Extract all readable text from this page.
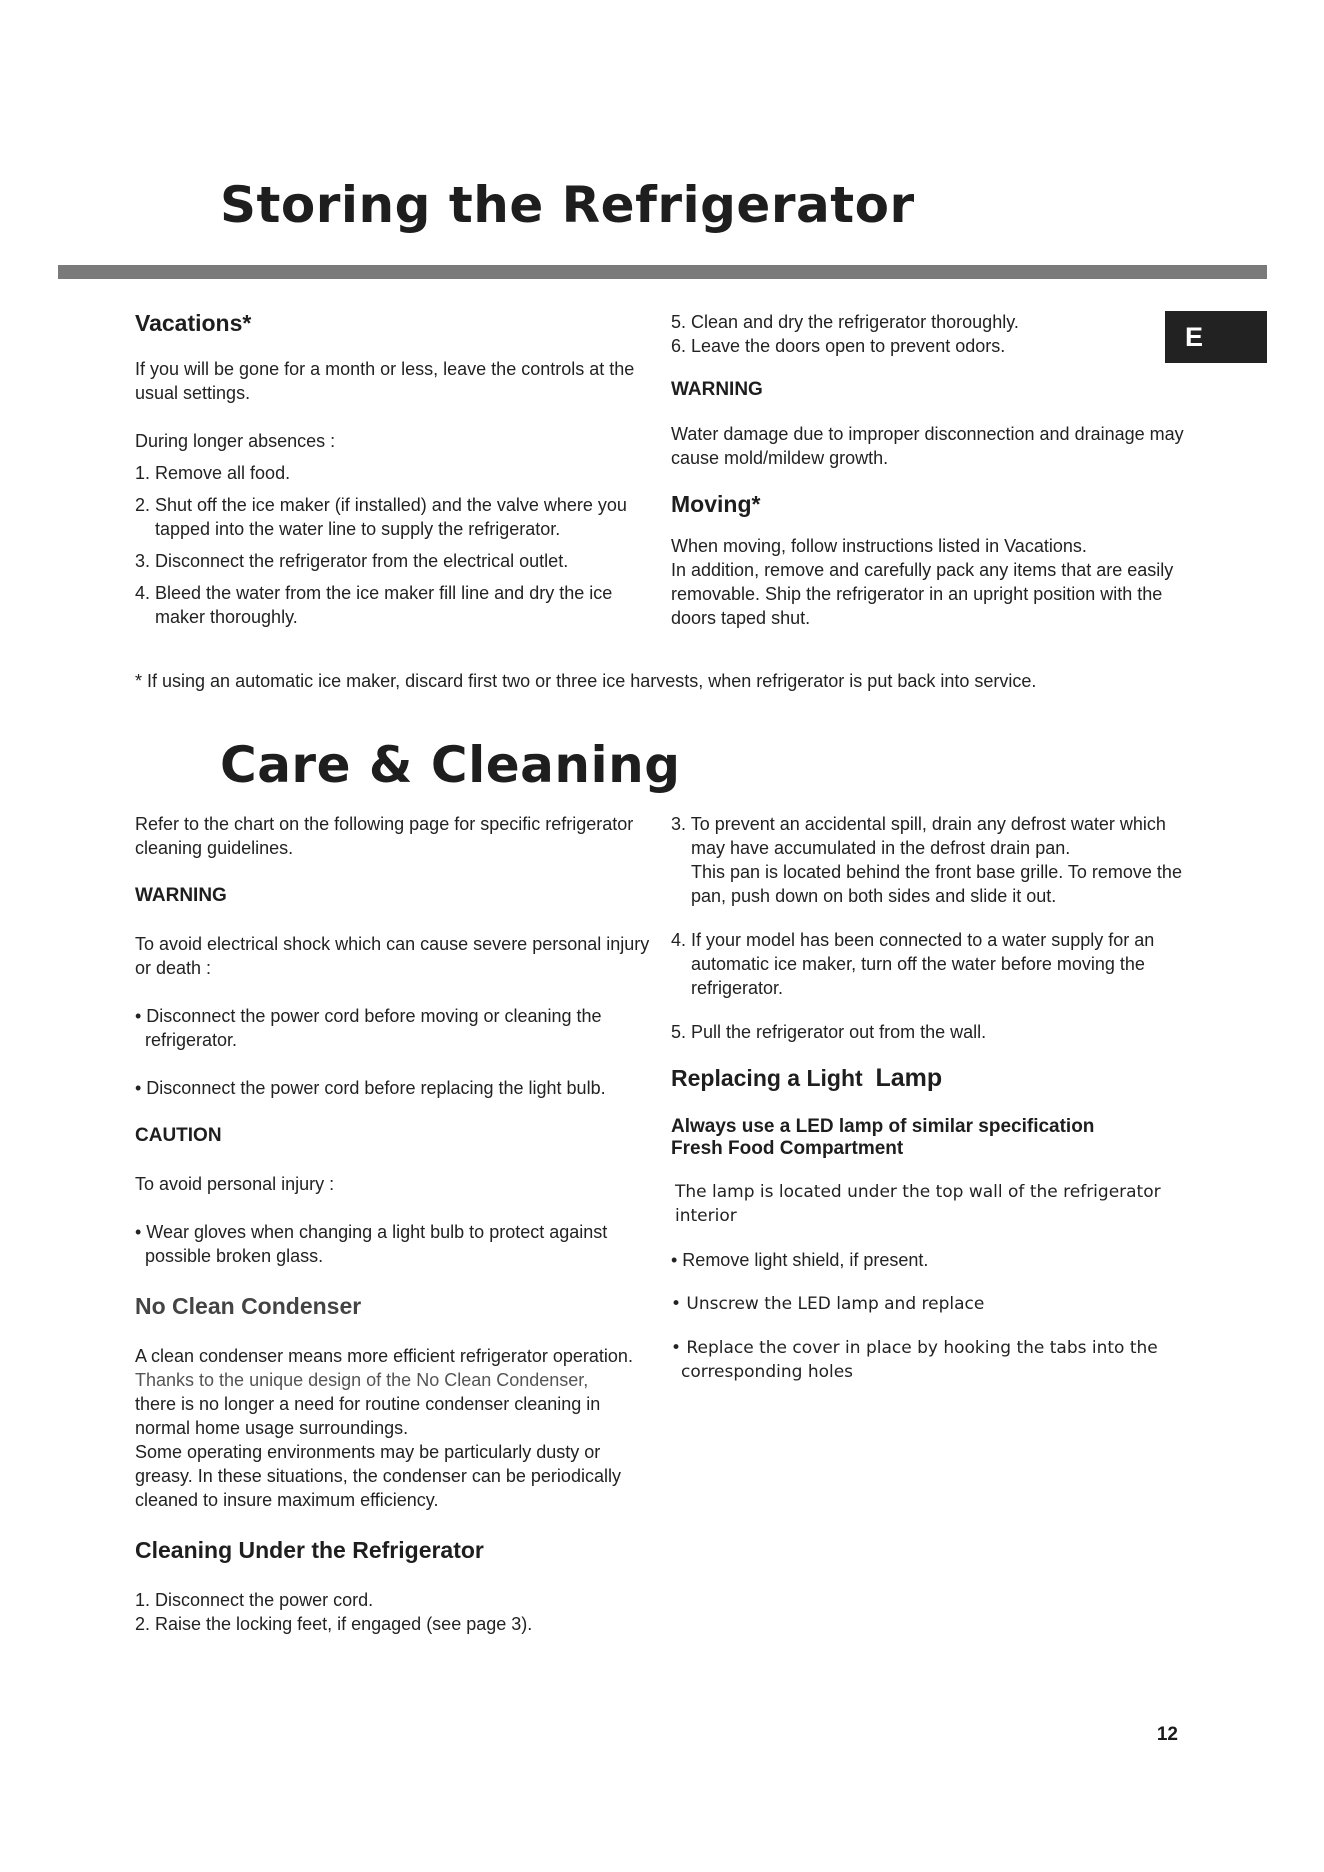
Storing the Refrigerator
E
Vacations*

If you will be gone for a month or less, leave the controls at the usual settings.

During longer absences :

1. Remove all food.

2. Shut off the ice maker (if installed) and the valve where you tapped into the water line to supply the refrigerator.

3. Disconnect the refrigerator from the electrical outlet.

4. Bleed the water from the ice maker fill line and dry the ice maker thoroughly.

5. Clean and dry the refrigerator thoroughly.

6. Leave the doors open to prevent odors.

WARNING

Water damage due to improper disconnection and drainage may cause mold/mildew growth.

Moving*

When moving, follow instructions listed in Vacations.

In addition, remove and carefully pack any items that are easily removable. Ship the refrigerator in an upright position with the doors taped shut.

* If using an automatic ice maker, discard first two or three ice harvests, when refrigerator is put back into service.
Care & Cleaning

Refer to the chart on the following page for specific refrigerator cleaning guidelines.

WARNING

To avoid electrical shock which can cause severe personal injury or death :

• Disconnect the power cord before moving or cleaning the refrigerator.

• Disconnect the power cord before replacing the light bulb.

CAUTION

To avoid personal injury :

• Wear gloves when changing a light bulb to protect against possible broken glass.

No Clean Condenser

A clean condenser means more efficient refrigerator operation.

Thanks to the unique design of the No Clean Condenser,

there is no longer a need for routine condenser cleaning in normal home usage surroundings.

Some operating environments may be particularly dusty or greasy. In these situations, the condenser can be periodically cleaned to insure maximum efficiency.

Cleaning Under the Refrigerator

1. Disconnect the power cord.

2. Raise the locking feet, if engaged (see page 3).

3. To prevent an accidental spill, drain any defrost water which may have accumulated in the defrost drain pan.

This pan is located behind the front base grille. To remove the pan, push down on both sides and slide it out.

4. If your model has been connected to a water supply for an automatic ice maker, turn off the water before moving the refrigerator.

5. Pull the refrigerator out from the wall.

Replacing a Light Lamp

Always use a LED lamp of similar specification

Fresh Food Compartment

The lamp is located under the top wall of the refrigerator interior

• Remove light shield, if present.

• Unscrew the LED lamp and replace

• Replace the cover in place by hooking the tabs into the corresponding holes

12
